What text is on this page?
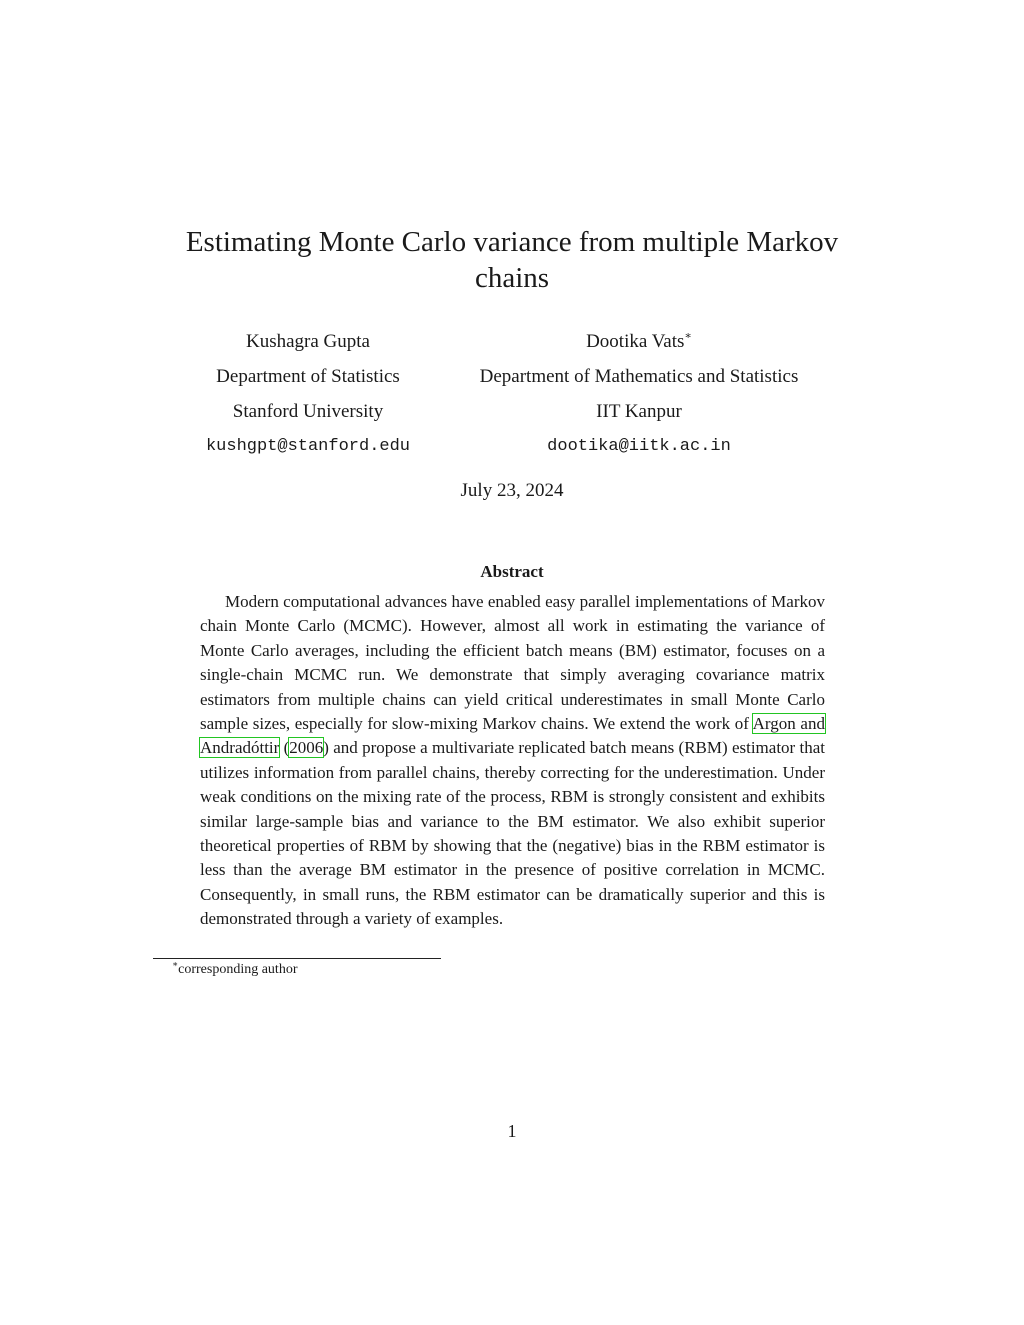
Estimating Monte Carlo variance from multiple Markov chains
Kushagra Gupta
Department of Statistics
Stanford University
kushgpt@stanford.edu
Dootika Vats∗
Department of Mathematics and Statistics
IIT Kanpur
dootika@iitk.ac.in
July 23, 2024
Abstract

Modern computational advances have enabled easy parallel implementations of Markov chain Monte Carlo (MCMC). However, almost all work in estimating the variance of Monte Carlo averages, including the efficient batch means (BM) estimator, focuses on a single-chain MCMC run. We demonstrate that simply averaging covariance matrix estimators from multiple chains can yield critical underestimates in small Monte Carlo sample sizes, especially for slow-mixing Markov chains. We extend the work of Argon and Andradóttir (2006) and propose a multivariate replicated batch means (RBM) estimator that utilizes information from parallel chains, thereby correcting for the underestimation. Under weak conditions on the mixing rate of the process, RBM is strongly consistent and exhibits similar large-sample bias and variance to the BM estimator. We also exhibit superior theoretical properties of RBM by showing that the (negative) bias in the RBM estimator is less than the average BM estimator in the presence of positive correlation in MCMC. Consequently, in small runs, the RBM estimator can be dramatically superior and this is demonstrated through a variety of examples.

∗corresponding author
1
